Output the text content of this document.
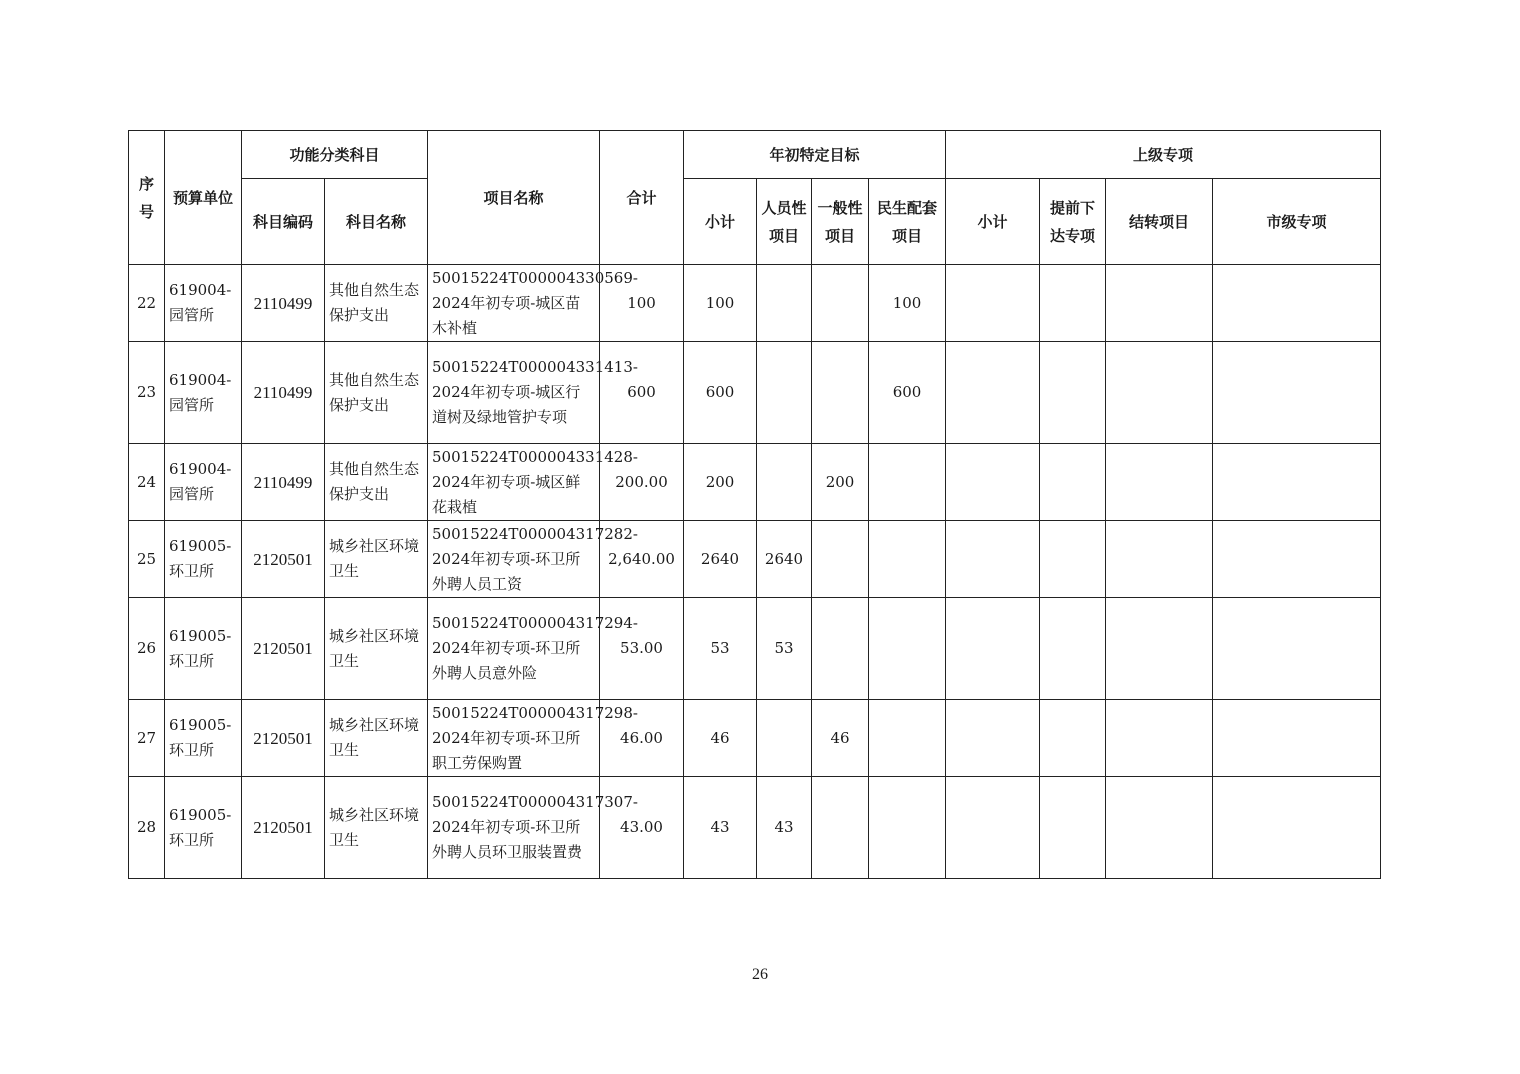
序号	预算单位	功能分类科目		项目名称	合计	年初特定目标				上级专项			
		科目编码	科目名称			小计	人员性项目	一般性项目	民生配套项目	小计	提前下达专项	结转项目	市级专项
22	619004-园管所	2110499	其他自然生态保护支出	50015224T000004330569-2024年初专项-城区苗木补植	100	100			100				
23	619004-园管所	2110499	其他自然生态保护支出	50015224T000004331413-2024年初专项-城区行道树及绿地管护专项	600	600			600				
24	619004-园管所	2110499	其他自然生态保护支出	50015224T000004331428-2024年初专项-城区鲜花栽植	200.00	200		200					
25	619005-环卫所	2120501	城乡社区环境卫生	50015224T000004317282-2024年初专项-环卫所外聘人员工资	2,640.00	2640	2640						
26	619005-环卫所	2120501	城乡社区环境卫生	50015224T000004317294-2024年初专项-环卫所外聘人员意外险	53.00	53	53						
27	619005-环卫所	2120501	城乡社区环境卫生	50015224T000004317298-2024年初专项-环卫所职工劳保购置	46.00	46		46					
28	619005-环卫所	2120501	城乡社区环境卫生	50015224T000004317307-2024年初专项-环卫所外聘人员环卫服装置费	43.00	43	43						
26
